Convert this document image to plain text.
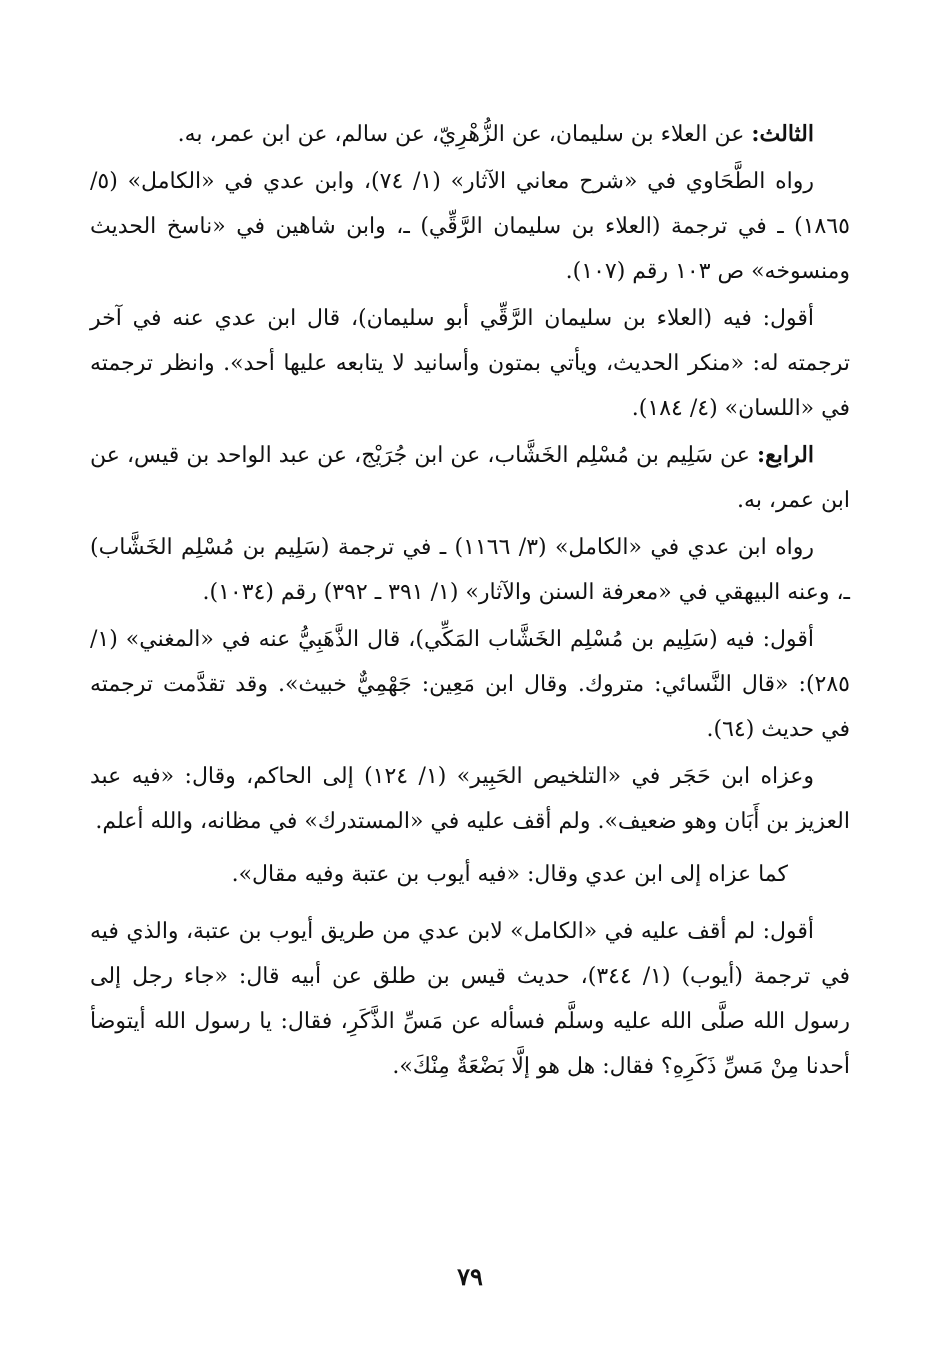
الثالث: عن العلاء بن سليمان، عن الزُّهْرِيّ، عن سالم، عن ابن عمر، به.

رواه الطَّحَاوي في «شرح معاني الآثار» (١/ ٧٤)، وابن عدي في «الكامل» (٥/ ١٨٦٥) ـ في ترجمة (العلاء بن سليمان الرَّقِّي) ـ، وابن شاهين في «ناسخ الحديث ومنسوخه» ص ١٠٣ رقم (١٠٧).

أقول: فيه (العلاء بن سليمان الرَّقِّي أبو سليمان)، قال ابن عدي عنه في آخر ترجمته له: «منكر الحديث، ويأتي بمتون وأسانيد لا يتابعه عليها أحد». وانظر ترجمته في «اللسان» (٤/ ١٨٤).

الرابع: عن سَلِيم بن مُسْلِم الخَشَّاب، عن ابن جُرَيْج، عن عبد الواحد بن قيس، عن ابن عمر، به.

رواه ابن عدي في «الكامل» (٣/ ١١٦٦) ـ في ترجمة (سَلِيم بن مُسْلِم الخَشَّاب) ـ، وعنه البيهقي في «معرفة السنن والآثار» (١/ ٣٩١ ـ ٣٩٢) رقم (١٠٣٤).

أقول: فيه (سَلِيم بن مُسْلِم الخَشَّاب المَكِّي)، قال الذَّهَبِيُّ عنه في «المغني» (١/ ٢٨٥): «قال النَّسائي: متروك. وقال ابن مَعِين: جَهْمِيٌّ خبيث». وقد تقدَّمت ترجمته في حديث (٦٤).

وعزاه ابن حَجَر في «التلخيص الحَبِير» (١/ ١٢٤) إلى الحاكم، وقال: «فيه عبد العزيز بن أَبَان وهو ضعيف». ولم أقف عليه في «المستدرك» في مظانه، والله أعلم.

كما عزاه إلى ابن عدي وقال: «فيه أيوب بن عتبة وفيه مقال».

أقول: لم أقف عليه في «الكامل» لابن عدي من طريق أيوب بن عتبة، والذي فيه في ترجمة (أيوب) (١/ ٣٤٤)، حديث قيس بن طلق عن أبيه قال: «جاء رجل إلى رسول الله صلَّى الله عليه وسلَّم فسأله عن مَسِّ الذَّكَرِ، فقال: يا رسول الله أيتوضأ أحدنا مِنْ مَسِّ ذَكَرِهِ؟ فقال: هل هو إلَّا بَضْعَةٌ مِنْكَ».

٧٩
